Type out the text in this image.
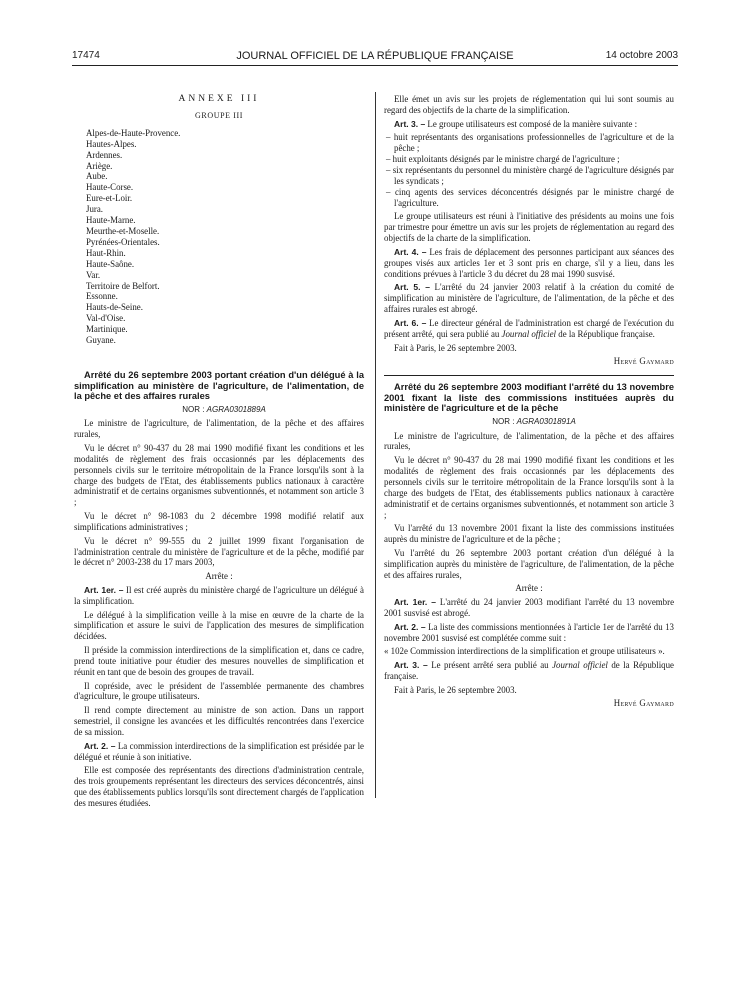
17474	JOURNAL OFFICIEL DE LA RÉPUBLIQUE FRANÇAISE	14 octobre 2003
ANNEXE III
GROUPE III
Alpes-de-Haute-Provence.
Hautes-Alpes.
Ardennes.
Ariège.
Aube.
Haute-Corse.
Eure-et-Loir.
Jura.
Haute-Marne.
Meurthe-et-Moselle.
Pyrénées-Orientales.
Haut-Rhin.
Haute-Saône.
Var.
Territoire de Belfort.
Essonne.
Hauts-de-Seine.
Val-d'Oise.
Martinique.
Guyane.

Arrêté du 26 septembre 2003 portant création d'un délégué à la simplification au ministère de l'agriculture, de l'alimentation, de la pêche et des affaires rurales

NOR : AGRA0301889A

Le ministre de l'agriculture, de l'alimentation, de la pêche et des affaires rurales,

Vu le décret n° 90-437 du 28 mai 1990 modifié fixant les conditions et les modalités de règlement des frais occasionnés par les déplacements des personnels civils sur le territoire métropolitain de la France lorsqu'ils sont à la charge des budgets de l'Etat, des établissements publics nationaux à caractère administratif et de certains organismes subventionnés, et notamment son article 3 ;

Vu le décret n° 98-1083 du 2 décembre 1998 modifié relatif aux simplifications administratives ;

Vu le décret n° 99-555 du 2 juillet 1999 fixant l'organisation de l'administration centrale du ministère de l'agriculture et de la pêche, modifié par le décret n° 2003-238 du 17 mars 2003,

Arrête :

Art. 1er. – Il est créé auprès du ministère chargé de l'agriculture un délégué à la simplification.

Le délégué à la simplification veille à la mise en œuvre de la charte de la simplification et assure le suivi de l'application des mesures de simplification décidées.

Il préside la commission interdirections de la simplification et, dans ce cadre, prend toute initiative pour étudier des mesures nouvelles de simplification et réunit en tant que de besoin des groupes de travail.

Il copréside, avec le président de l'assemblée permanente des chambres d'agriculture, le groupe utilisateurs.

Il rend compte directement au ministre de son action. Dans un rapport semestriel, il consigne les avancées et les difficultés rencontrées dans l'exercice de sa mission.

Art. 2. – La commission interdirections de la simplification est présidée par le délégué et réunie à son initiative.

Elle est composée des représentants des directions d'administration centrale, des trois groupements représentant les directeurs des services déconcentrés, ainsi que des établissements publics lorsqu'ils sont directement chargés de l'application des mesures étudiées.

Elle émet un avis sur les projets de réglementation qui lui sont soumis au regard des objectifs de la charte de la simplification.

Art. 3. – Le groupe utilisateurs est composé de la manière suivante :

– huit représentants des organisations professionnelles de l'agriculture et de la pêche ;
– huit exploitants désignés par le ministre chargé de l'agriculture ;
– six représentants du personnel du ministère chargé de l'agriculture désignés par les syndicats ;
– cinq agents des services déconcentrés désignés par le ministre chargé de l'agriculture.

Le groupe utilisateurs est réuni à l'initiative des présidents au moins une fois par trimestre pour émettre un avis sur les projets de réglementation au regard des objectifs de la charte de la simplification.

Art. 4. – Les frais de déplacement des personnes participant aux séances des groupes visés aux articles 1er et 3 sont pris en charge, s'il y a lieu, dans les conditions prévues à l'article 3 du décret du 28 mai 1990 susvisé.

Art. 5. – L'arrêté du 24 janvier 2003 relatif à la création du comité de simplification au ministère de l'agriculture, de l'alimentation, de la pêche et des affaires rurales est abrogé.

Art. 6. – Le directeur général de l'administration est chargé de l'exécution du présent arrêté, qui sera publié au Journal officiel de la République française.

Fait à Paris, le 26 septembre 2003.

Hervé Gaymard

Arrêté du 26 septembre 2003 modifiant l'arrêté du 13 novembre 2001 fixant la liste des commissions instituées auprès du ministère de l'agriculture et de la pêche

NOR : AGRA0301891A

Le ministre de l'agriculture, de l'alimentation, de la pêche et des affaires rurales,

Vu le décret n° 90-437 du 28 mai 1990 modifié fixant les conditions et les modalités de règlement des frais occasionnés par les déplacements des personnels civils sur le territoire métropolitain de la France lorsqu'ils sont à la charge des budgets de l'Etat, des établissements publics nationaux à caractère administratif et de certains organismes subventionnés, et notamment son article 3 ;

Vu l'arrêté du 13 novembre 2001 fixant la liste des commissions instituées auprès du ministre de l'agriculture et de la pêche ;

Vu l'arrêté du 26 septembre 2003 portant création d'un délégué à la simplification auprès du ministère de l'agriculture, de l'alimentation, de la pêche et des affaires rurales,

Arrête :

Art. 1er. – L'arrêté du 24 janvier 2003 modifiant l'arrêté du 13 novembre 2001 susvisé est abrogé.

Art. 2. – La liste des commissions mentionnées à l'article 1er de l'arrêté du 13 novembre 2001 susvisé est complétée comme suit :

« 102e Commission interdirections de la simplification et groupe utilisateurs ».

Art. 3. – Le présent arrêté sera publié au Journal officiel de la République française.

Fait à Paris, le 26 septembre 2003.

Hervé Gaymard
